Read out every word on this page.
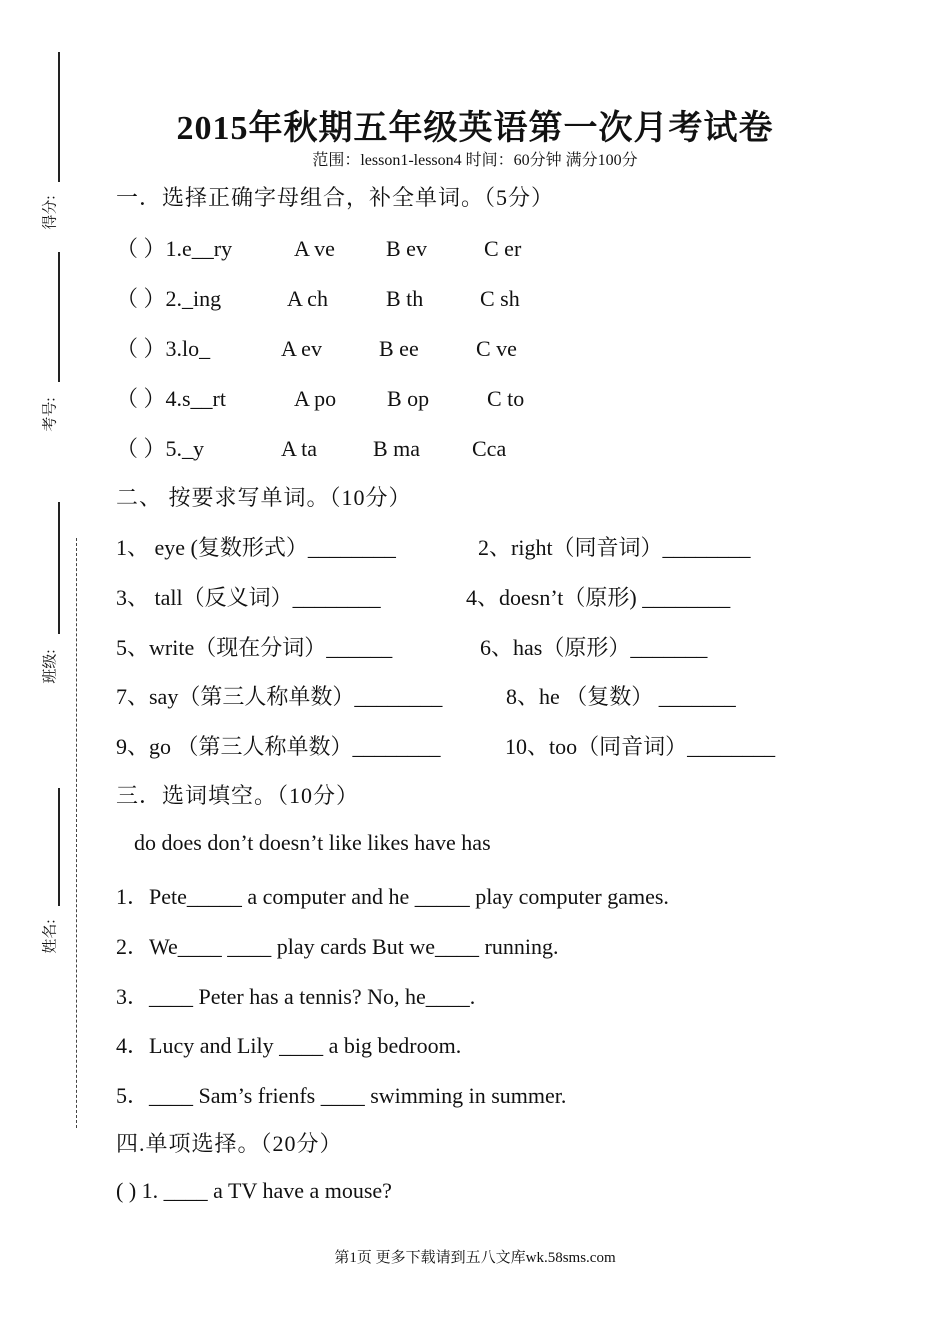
得分:
考号:
班级:
姓名:
2015年秋期五年级英语第一次月考试卷
范围：lesson1-lesson4 时间：60分钟 满分100分
一．选择正确字母组合，补全单词。（5分）
（ ）1.e__ry	A ve B ev	C er
（ ）2._ing	A ch	B th	C sh
（ ）3.lo_	A ev	B ee	C ve
（ ）4.s__rt	A po B op	C to
（ ）5._y	A ta	B ma Cca
二、 按要求写单词。（10分）
1、 eye (复数形式）________	2、right（同音词）________
3、 tall（反义词）________	4、doesn’t（原形) ________
5、write（现在分词）______	6、has（原形）_______
7、say（第三人称单数）________	8、he （复数） _______
9、go （第三人称单数）________	10、too（同音词）________
三．选词填空。（10分）
do does don’t doesn’t like likes have has
1．Pete_____ a computer and he _____ play computer games.
2．We____ ____ play cards But we____ running.
3．____ Peter has a tennis? No, he____.
4．Lucy and Lily ____ a big bedroom.
5．____ Sam’s frienfs ____ swimming in summer.
四.单项选择。（20分）
( ) 1. ____ a TV have a mouse?
第1页 更多下载请到五八文库wk.58sms.com
